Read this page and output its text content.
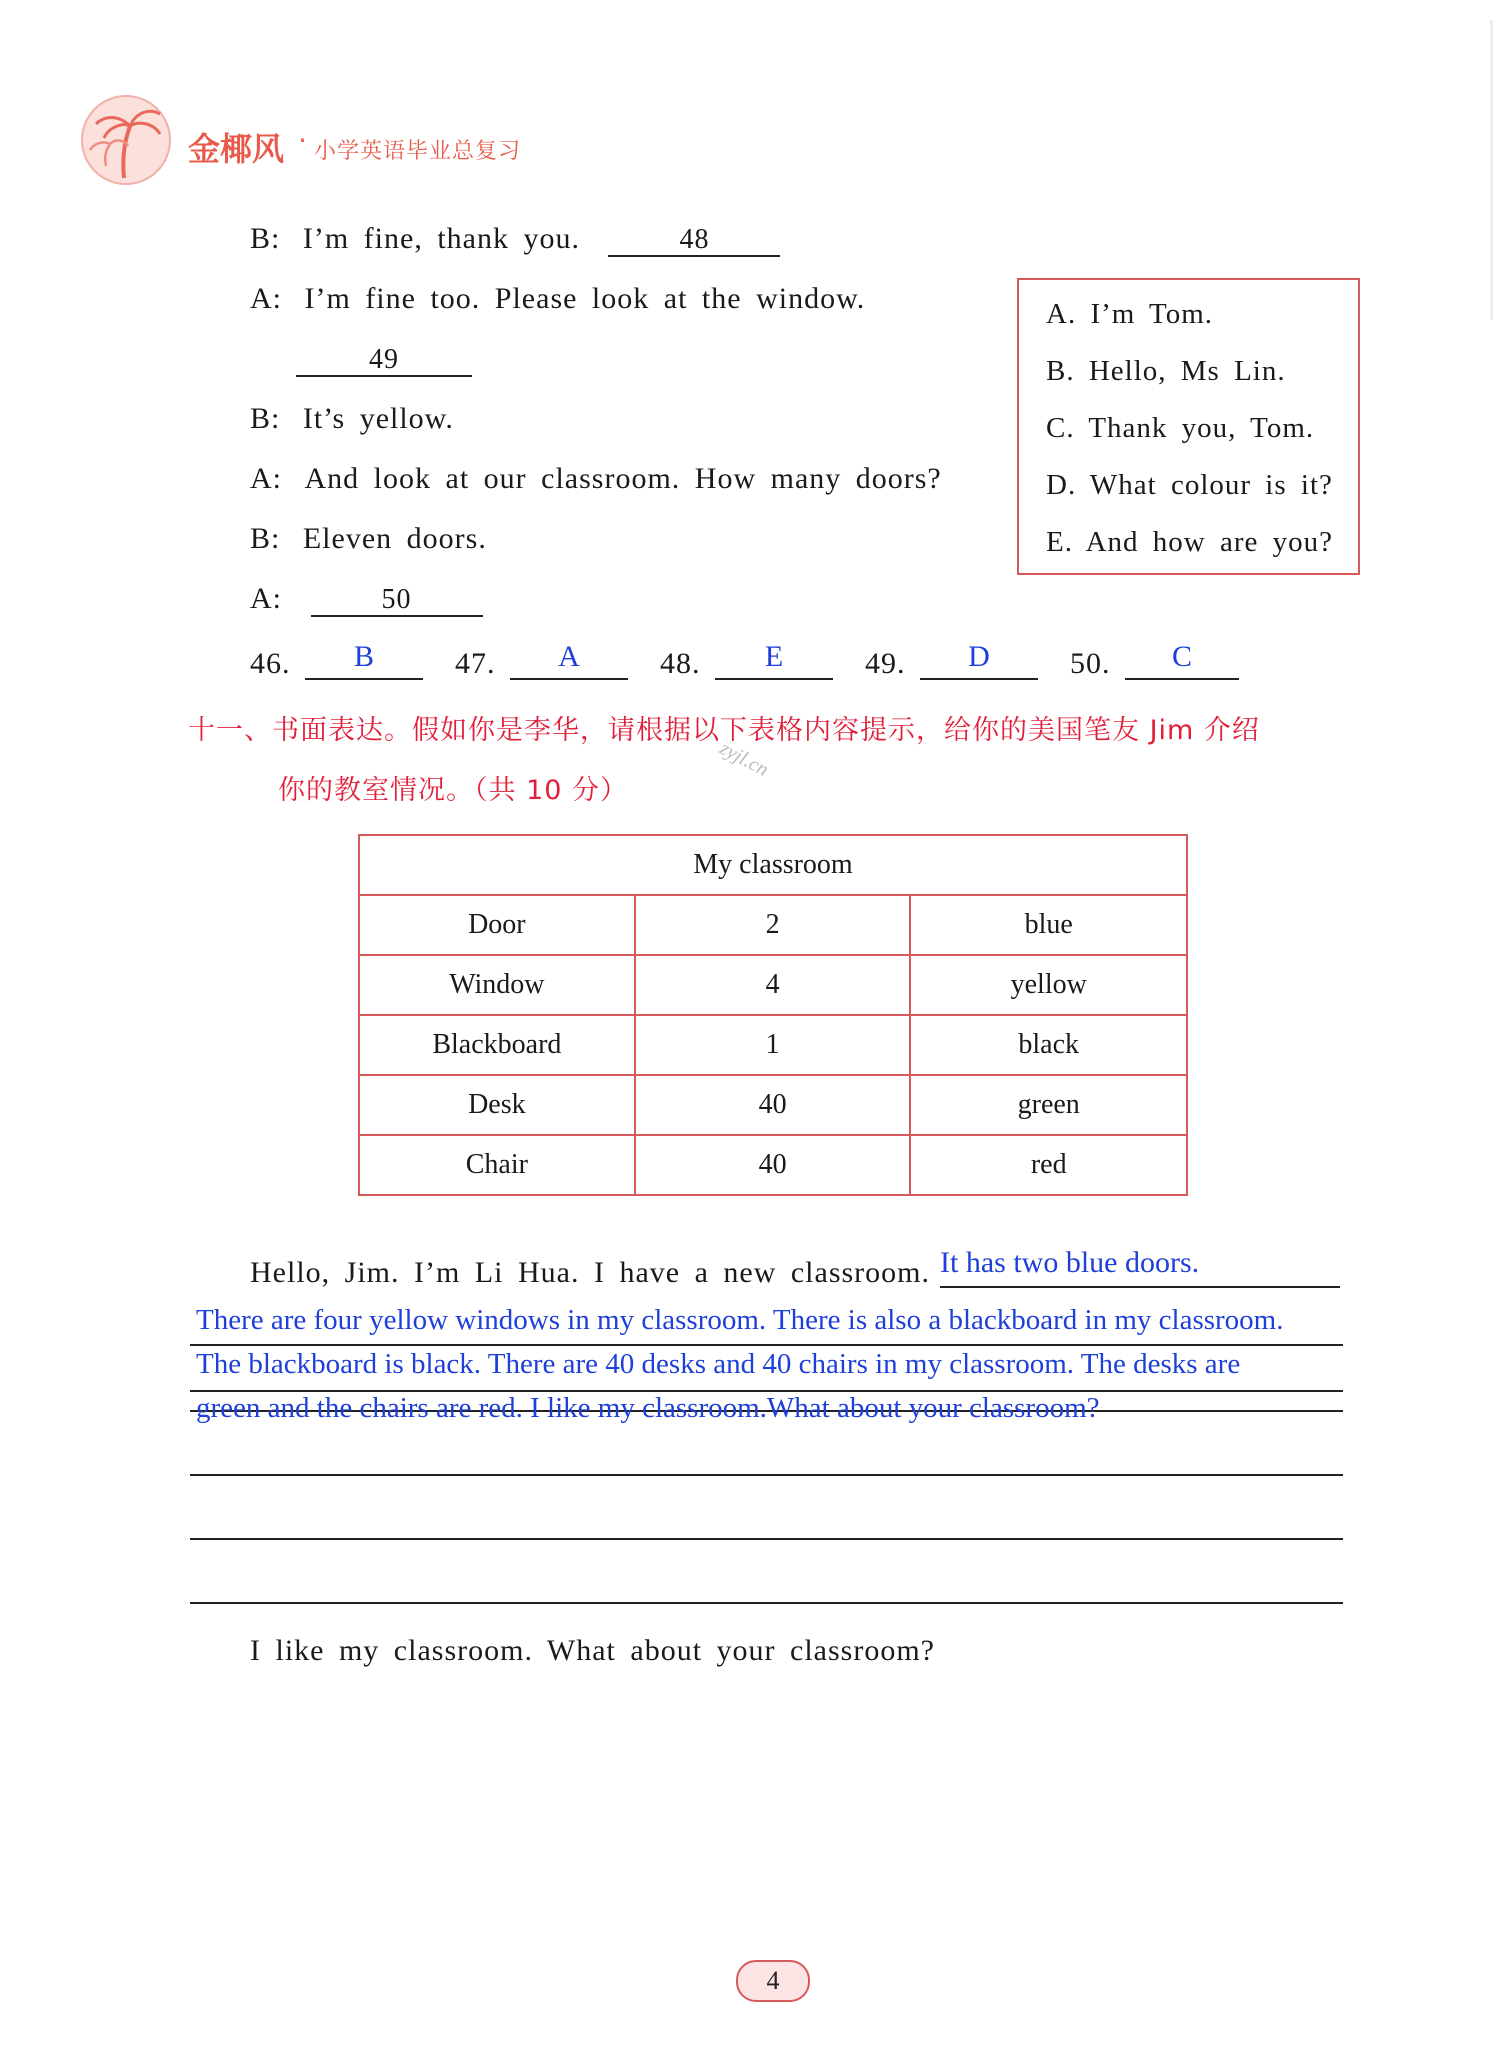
金椰风 · 小学英语毕业总复习
B: I’m fine, thank you.	48
A: I’m fine too. Please look at the window.
49
B: It’s yellow.
A: And look at our classroom. How many doors?
B: Eleven doors.
A:	50
A. I’m Tom.
B. Hello, Ms Lin.
C. Thank you, Tom.
D. What colour is it?
E. And how are you?
46.	B	47.	A	48.	E	49.	D	50.	C
十一、书面表达。假如你是李华，请根据以下表格内容提示，给你的美国笔友 Jim 介绍
你的教室情况。（共 10 分）
zyjl.cn
My classroom		
Door	2	blue
Window	4	yellow
Blackboard	1	black
Desk	40	green
Chair	40	red
Hello, Jim. I’m Li Hua. I have a new classroom. It has two blue doors.
There are four yellow windows in my classroom. There is also a blackboard in my classroom.
The blackboard is black. There are 40 desks and 40 chairs in my classroom. The desks are
green and the chairs are red. I like my classroom.What about your classroom?
I like my classroom. What about your classroom?
4
